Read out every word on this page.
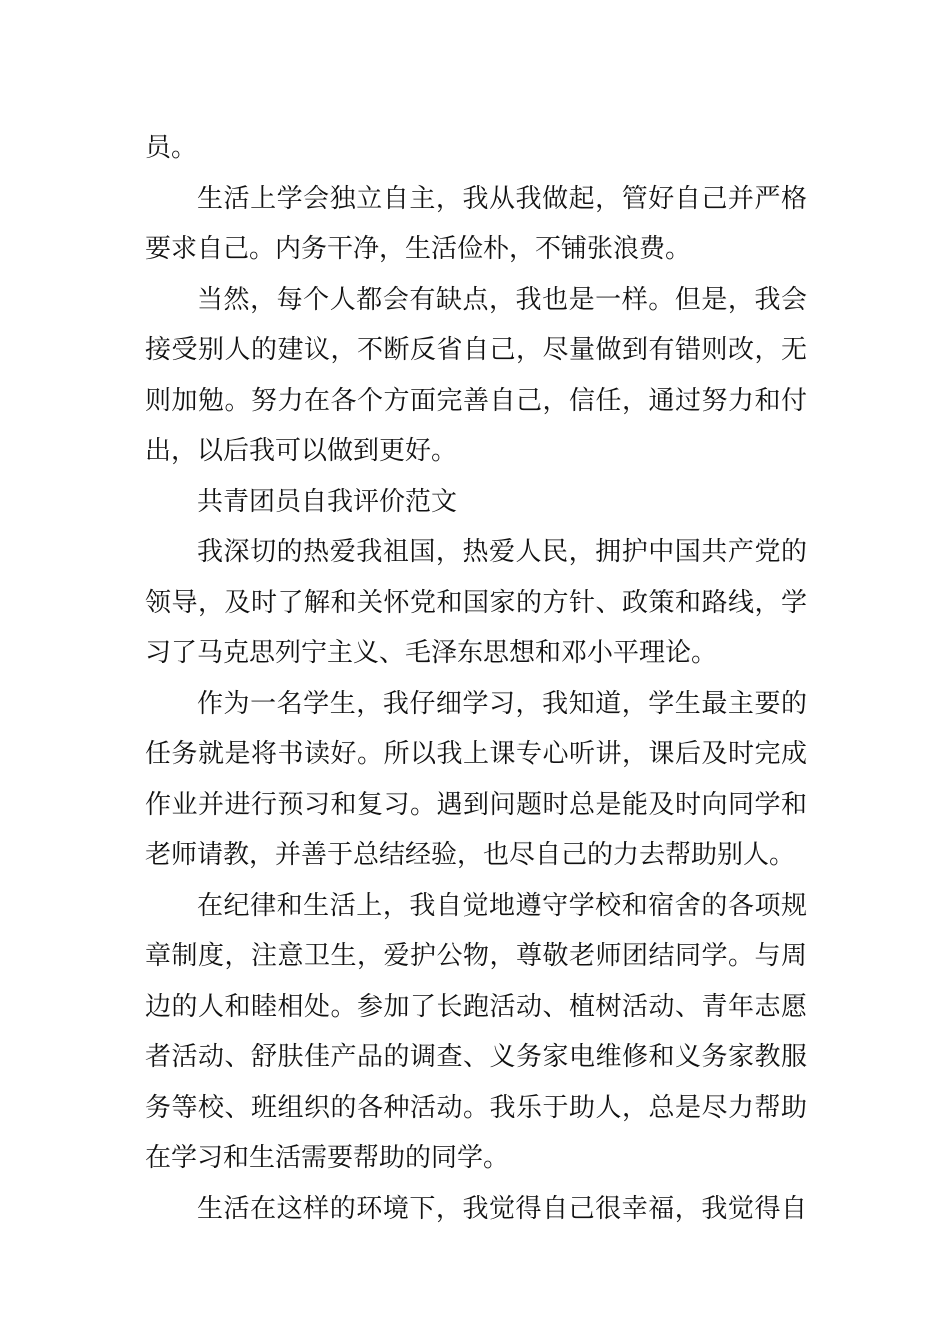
员。
生活上学会独立自主，我从我做起，管好自己并严格
要求自己。内务干净，生活俭朴，不铺张浪费。
当然，每个人都会有缺点，我也是一样。但是，我会
接受别人的建议，不断反省自己，尽量做到有错则改，无
则加勉。努力在各个方面完善自己，信任，通过努力和付
出，以后我可以做到更好。
共青团员自我评价范文
我深切的热爱我祖国，热爱人民，拥护中国共产党的
领导，及时了解和关怀党和国家的方针、政策和路线，学
习了马克思列宁主义、毛泽东思想和邓小平理论。
作为一名学生，我仔细学习，我知道，学生最主要的
任务就是将书读好。所以我上课专心听讲，课后及时完成
作业并进行预习和复习。遇到问题时总是能及时向同学和
老师请教，并善于总结经验，也尽自己的力去帮助别人。
在纪律和生活上，我自觉地遵守学校和宿舍的各项规
章制度，注意卫生，爱护公物，尊敬老师团结同学。与周
边的人和睦相处。参加了长跑活动、植树活动、青年志愿
者活动、舒肤佳产品的调查、义务家电维修和义务家教服
务等校、班组织的各种活动。我乐于助人，总是尽力帮助
在学习和生活需要帮助的同学。
生活在这样的环境下，我觉得自己很幸福，我觉得自
